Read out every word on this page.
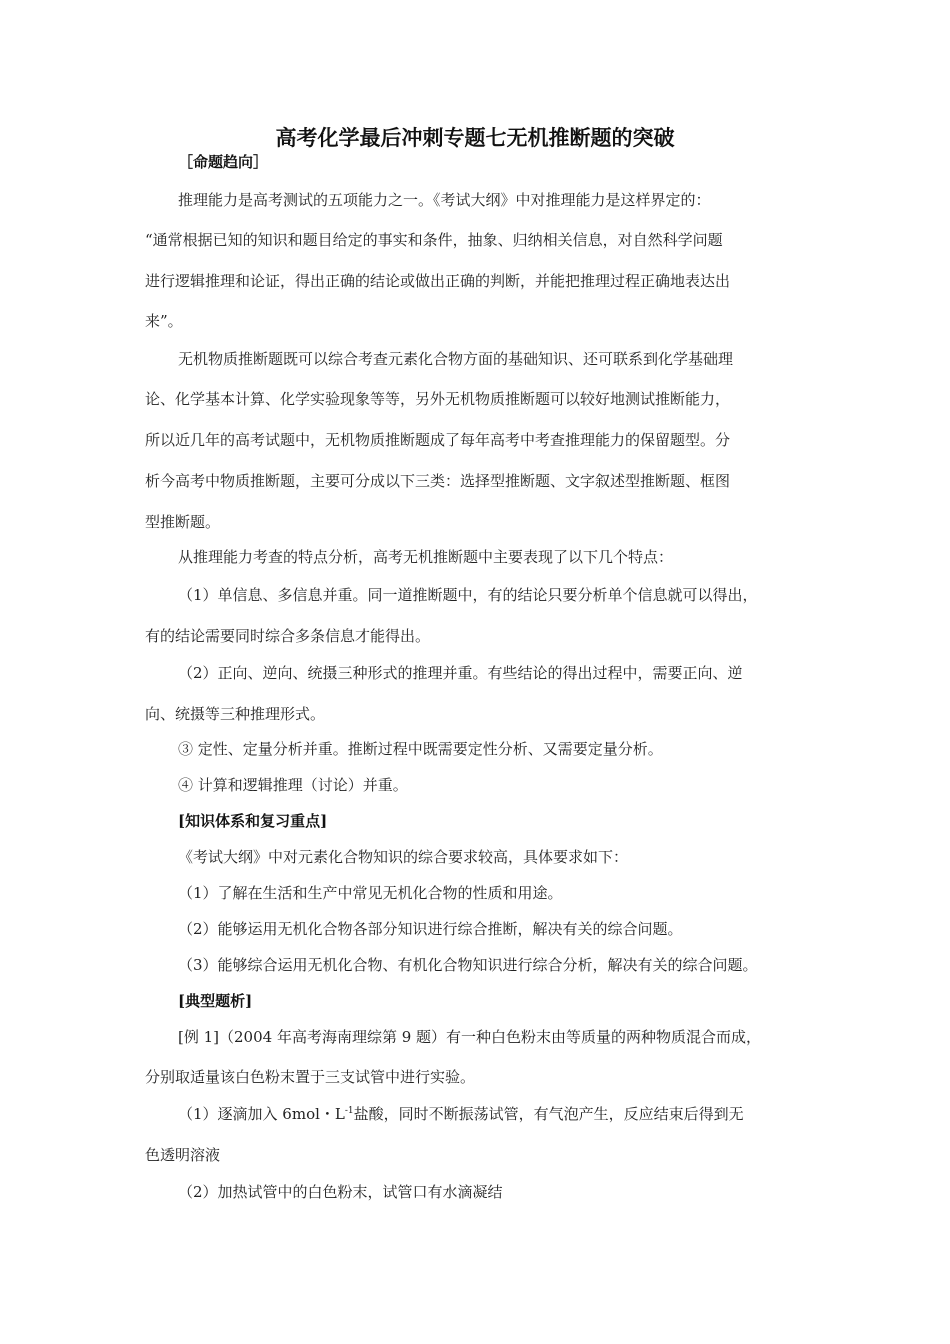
高考化学最后冲刺专题七无机推断题的突破
［命题趋向］
推理能力是高考测试的五项能力之一。《考试大纲》中对推理能力是这样界定的：
“通常根据已知的知识和题目给定的事实和条件，抽象、归纳相关信息，对自然科学问题
进行逻辑推理和论证，得出正确的结论或做出正确的判断，并能把推理过程正确地表达出
来”。
无机物质推断题既可以综合考查元素化合物方面的基础知识、还可联系到化学基础理
论、化学基本计算、化学实验现象等等，另外无机物质推断题可以较好地测试推断能力，
所以近几年的高考试题中，无机物质推断题成了每年高考中考查推理能力的保留题型。分
析今高考中物质推断题，主要可分成以下三类：选择型推断题、文字叙述型推断题、框图
型推断题。
从推理能力考查的特点分析，高考无机推断题中主要表现了以下几个特点：
（1）单信息、多信息并重。同一道推断题中，有的结论只要分析单个信息就可以得出，
有的结论需要同时综合多条信息才能得出。
（2）正向、逆向、统摄三种形式的推理并重。有些结论的得出过程中，需要正向、逆
向、统摄等三种推理形式。
③ 定性、定量分析并重。推断过程中既需要定性分析、又需要定量分析。
④ 计算和逻辑推理（讨论）并重。
[知识体系和复习重点]
《考试大纲》中对元素化合物知识的综合要求较高，具体要求如下：
（1）了解在生活和生产中常见无机化合物的性质和用途。
（2）能够运用无机化合物各部分知识进行综合推断，解决有关的综合问题。
（3）能够综合运用无机化合物、有机化合物知识进行综合分析，解决有关的综合问题。
[典型题析]
[例 1]（2004 年高考海南理综第 9 题）有一种白色粉末由等质量的两种物质混合而成，
分别取适量该白色粉末置于三支试管中进行实验。
（1）逐滴加入 6mol・$L^{-1}$盐酸，同时不断振荡试管，有气泡产生，反应结束后得到无
色透明溶液
（2）加热试管中的白色粉末，试管口有水滴凝结
